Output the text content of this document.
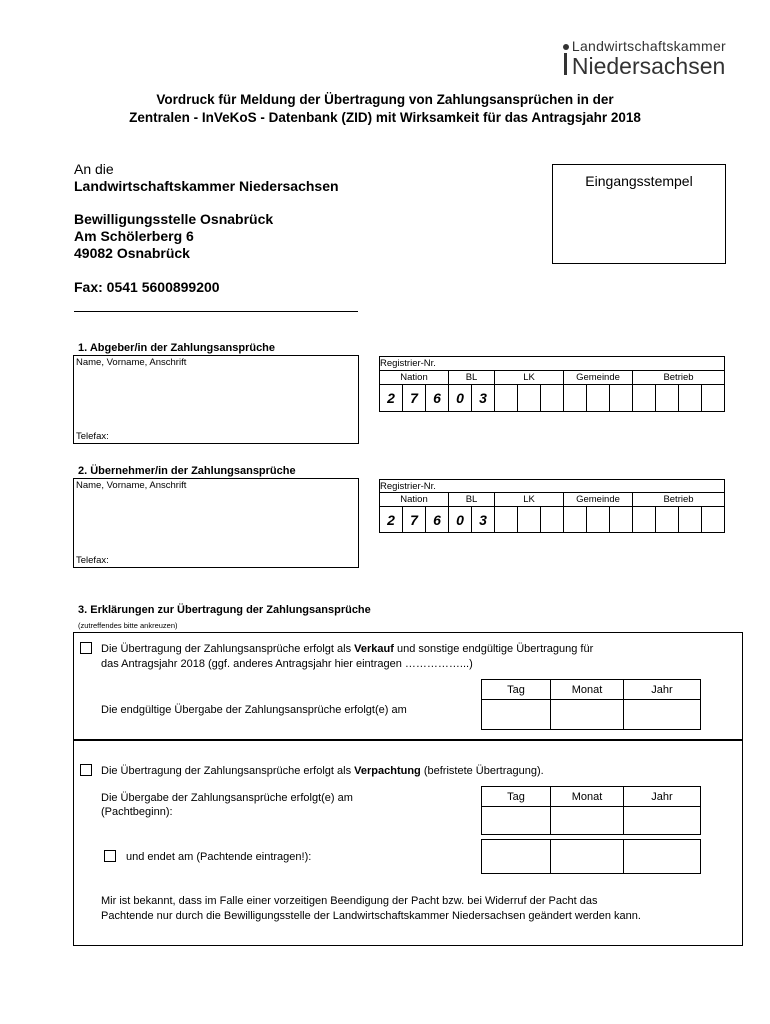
Landwirtschaftskammer
Niedersachsen
Vordruck für Meldung der Übertragung von Zahlungsansprüchen in der
Zentralen - InVeKoS - Datenbank (ZID) mit Wirksamkeit für das Antragsjahr 2018
An die
Landwirtschaftskammer Niedersachsen
Bewilligungsstelle Osnabrück
Am Schölerberg 6
49082 Osnabrück
Fax: 0541 5600899200
Eingangsstempel
1. Abgeber/in der Zahlungsansprüche
Name, Vorname, Anschrift
Telefax:
Registrier-Nr.														
Nation			BL		LK			Gemeinde			Betrieb			
2	7	6	0	3										
2. Übernehmer/in der Zahlungsansprüche
Name, Vorname, Anschrift
Telefax:
Registrier-Nr.														
Nation			BL		LK			Gemeinde			Betrieb			
2	7	6	0	3										
3. Erklärungen zur Übertragung der Zahlungsansprüche
(zutreffendes bitte ankreuzen)
Die Übertragung der Zahlungsansprüche erfolgt als Verkauf und sonstige endgültige Übertragung für
das Antragsjahr 2018 (ggf. anderes Antragsjahr hier eintragen ……………...)
Die endgültige Übergabe der Zahlungsansprüche erfolgt(e) am
Tag	Monat	Jahr

Die Übertragung der Zahlungsansprüche erfolgt als Verpachtung (befristete Übertragung).
Die Übergabe der Zahlungsansprüche erfolgt(e) am
(Pachtbeginn):
Tag	Monat	Jahr

und endet am (Pachtende eintragen!):

Mir ist bekannt, dass im Falle einer vorzeitigen Beendigung der Pacht bzw. bei Widerruf der Pacht das
Pachtende nur durch die Bewilligungsstelle der Landwirtschaftskammer Niedersachsen geändert werden kann.
